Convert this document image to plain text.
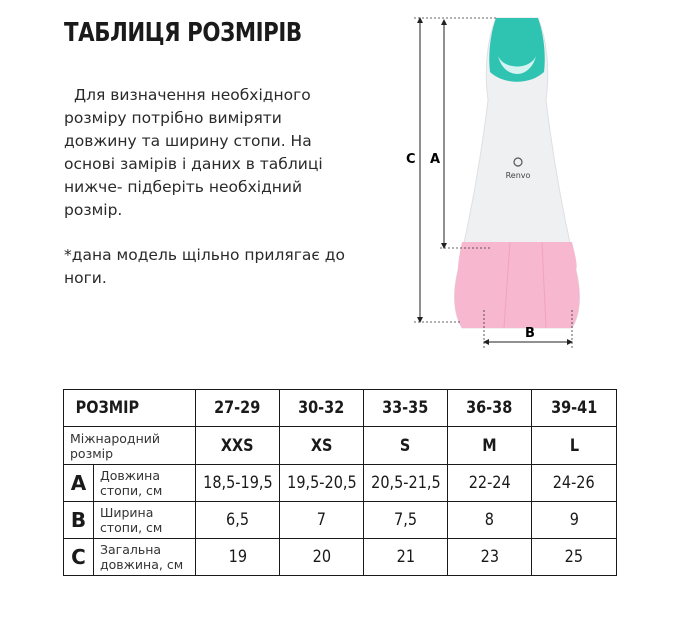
ТАБЛИЦЯ РОЗМІРІВ

Для визначення необхідного розміру потрібно виміряти довжину та ширину стопи. На основі замірів і даних в таблиці нижче- підберіть необхідний розмір.

*дана модель щільно прилягає до ноги.

Renvo
C A
B
РОЗМІР		27-29	30-32	33-35	36-38	39-41
Міжнародний розмір		XXS	XS	S	M	L
A	Довжина стопи, см	18,5-19,5	19,5-20,5	20,5-21,5	22-24	24-26
B	Ширина стопи, см	6,5	7	7,5	8	9
C	Загальна довжина, см	19	20	21	23	25
